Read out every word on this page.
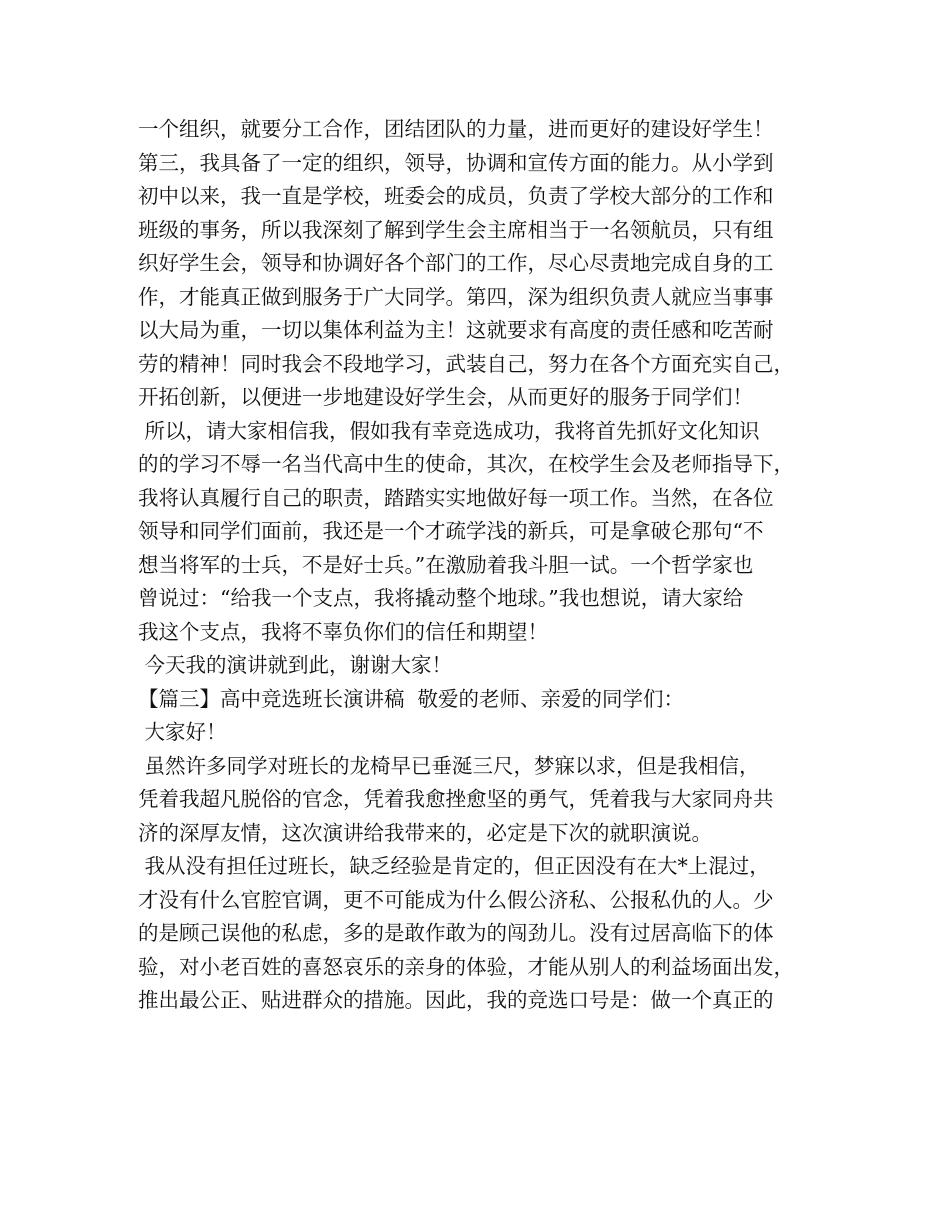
一个组织，就要分工合作，团结团队的力量，进而更好的建设好学生！
第三，我具备了一定的组织，领导，协调和宣传方面的能力。从小学到
初中以来，我一直是学校，班委会的成员，负责了学校大部分的工作和
班级的事务，所以我深刻了解到学生会主席相当于一名领航员，只有组
织好学生会，领导和协调好各个部门的工作，尽心尽责地完成自身的工
作，才能真正做到服务于广大同学。第四，深为组织负责人就应当事事
以大局为重，一切以集体利益为主！这就要求有高度的责任感和吃苦耐
劳的精神！同时我会不段地学习，武装自己，努力在各个方面充实自己，
开拓创新，以便进一步地建设好学生会，从而更好的服务于同学们！
所以，请大家相信我，假如我有幸竞选成功，我将首先抓好文化知识
的的学习不辱一名当代高中生的使命，其次，在校学生会及老师指导下，
我将认真履行自己的职责，踏踏实实地做好每一项工作。当然，在各位
领导和同学们面前，我还是一个才疏学浅的新兵，可是拿破仑那句“不
想当将军的士兵，不是好士兵。”在激励着我斗胆一试。一个哲学家也
曾说过：“给我一个支点，我将撬动整个地球。”我也想说，请大家给
我这个支点，我将不辜负你们的信任和期望！
今天我的演讲就到此，谢谢大家！
【篇三】高中竞选班长演讲稿  敬爱的老师、亲爱的同学们：
大家好！
虽然许多同学对班长的龙椅早已垂涎三尺，梦寐以求，但是我相信，
凭着我超凡脱俗的官念，凭着我愈挫愈坚的勇气，凭着我与大家同舟共
济的深厚友情，这次演讲给我带来的，必定是下次的就职演说。
我从没有担任过班长，缺乏经验是肯定的，但正因没有在大*上混过，
才没有什么官腔官调，更不可能成为什么假公济私、公报私仇的人。少
的是顾己误他的私虑，多的是敢作敢为的闯劲儿。没有过居高临下的体
验，对小老百姓的喜怒哀乐的亲身的体验，才能从别人的利益场面出发，
推出最公正、贴进群众的措施。因此，我的竞选口号是：做一个真正的
